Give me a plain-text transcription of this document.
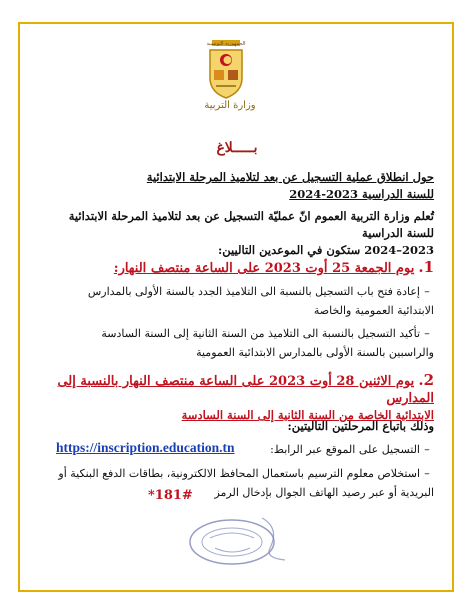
الجمهورية التونسية
وزارة التربية
بـــــلاغ
حول انطلاق عملية التسجيل عن بعد لتلاميذ المرحلة الابتدائية
للسنة الدراسية 2023-2024
تُعلم وزارة التربية العموم انّ عمليّة التسجيل عن بعد لتلاميذ المرحلة الابتدائية للسنة الدراسية
2023–2024 ستكون في الموعدين التاليين:
1. يوم الجمعة 25 أوت 2023 على الساعة منتصف النهار:
–إعادة فتح باب التسجيل بالنسبة الى التلاميذ الجدد بالسنة الأولى بالمدارس الابتدائية العمومية والخاصة
–تأكيد التسجيل بالنسبة الى التلاميذ من السنة الثانية إلى السنة السادسة والراسبين بالسنة الأولى بالمدارس الابتدائية العمومية
2. يوم الاثنين 28 أوت 2023 على الساعة منتصف النهار بالنسبة إلى المدارس
الابتدائية الخاصة من السنة الثانية إلى السنة السادسة
وذلك باتباع المرحلتين التاليتين:
–التسجيل على الموقع عبر الرابط:
https://inscription.education.tn
–استخلاص معلوم الترسيم باستعمال المحافظ الالكترونية، بطاقات الدفع البنكية أو البريدية أو عبر رصيد الهاتف الجوال بإدخال الرمز
*181#
